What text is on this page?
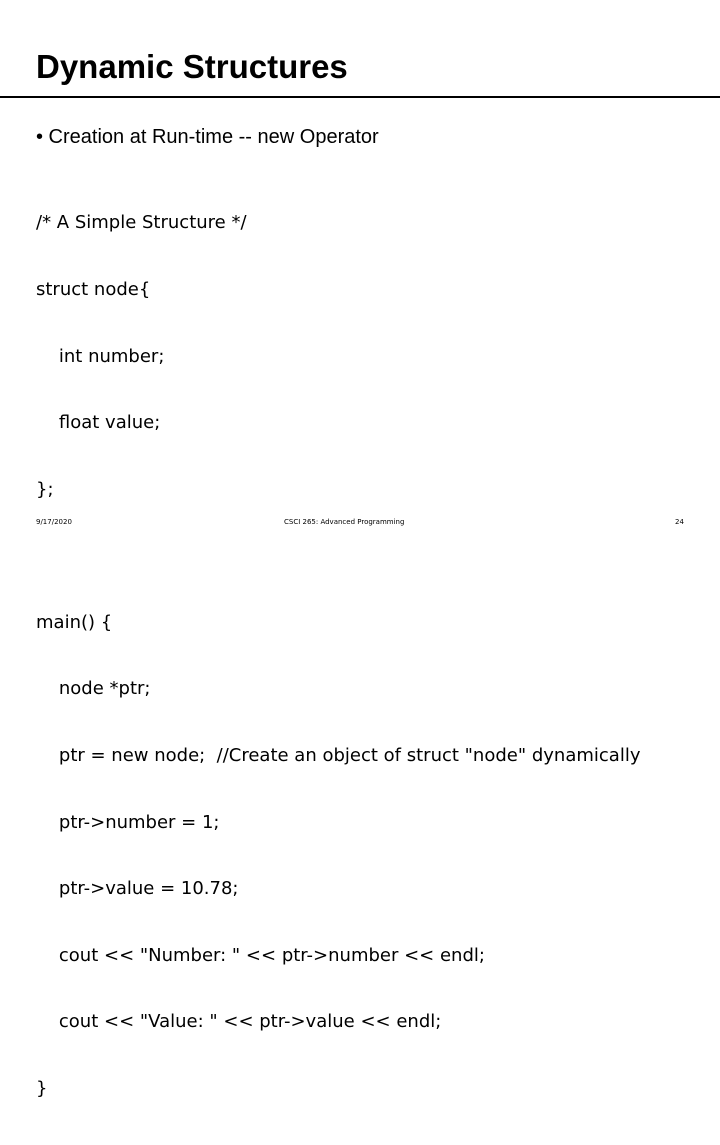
Dynamic Structures
• Creation at Run-time -- new Operator

/* A Simple Structure */

struct node{

int number;

float value;

};

main() {

node *ptr;

ptr = new node;  //Create an object of struct "node" dynamically

ptr->number = 1;

ptr->value = 10.78;

cout << "Number: " << ptr->number << endl;

cout << "Value: " << ptr->value << endl;

}

9/17/2020	CSCI 265: Advanced Programming	24
